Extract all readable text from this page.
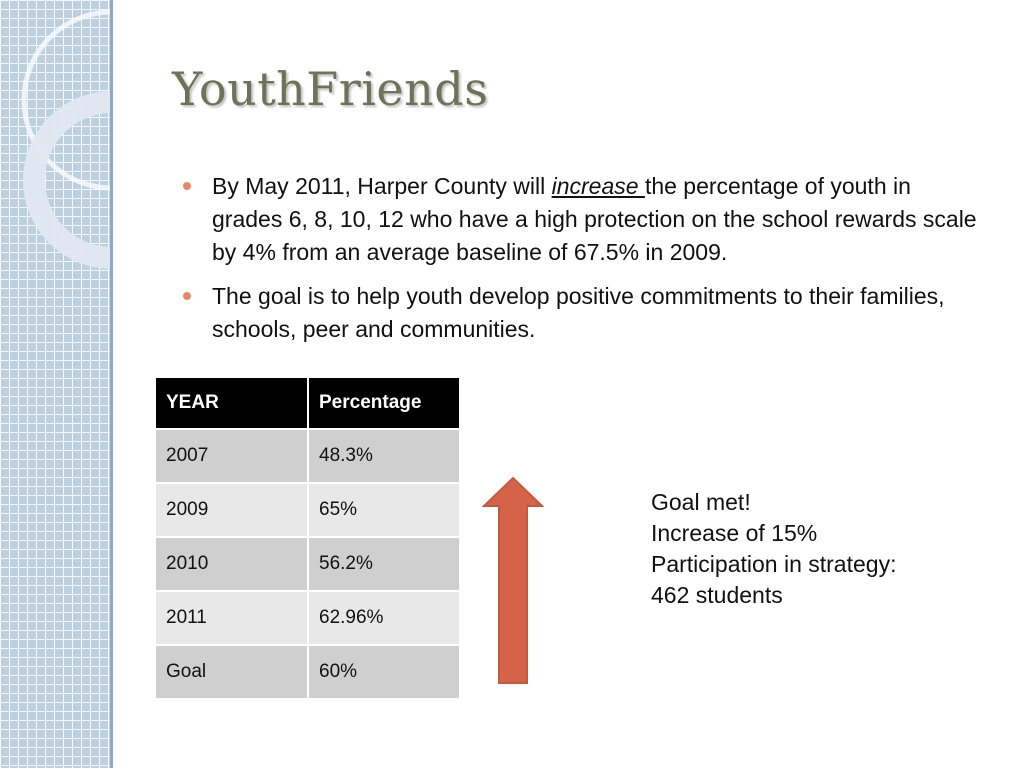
YouthFriends
By May 2011, Harper County will increase the percentage of youth in grades 6, 8, 10, 12 who have a high protection on the school rewards scale by 4% from an average baseline of 67.5% in 2009.
The goal is to help youth develop positive commitments to their families, schools, peer and communities.
YEAR	Percentage
2007	48.3%
2009	65%
2010	56.2%
2011	62.96%
Goal	60%
Goal met!
Increase of 15%
Participation in strategy:
462 students
